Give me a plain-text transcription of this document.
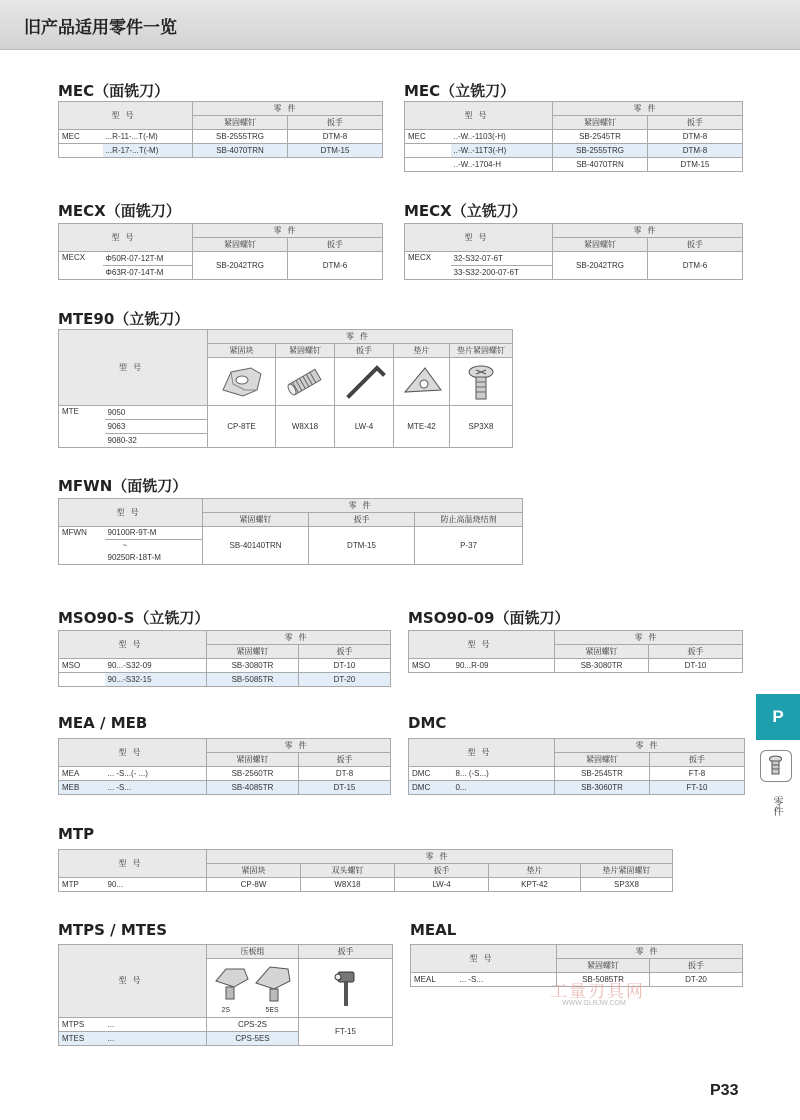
旧产品适用零件一览
MEC（面铣刀）
型号		零件	
		紧固螺钉	扳手
MEC	...R-11-...T(-M)	SB-2555TRG	DTM-8
	...R-17-...T(-M)	SB-4070TRN	DTM-15
MEC（立铣刀）
型号		零件	
		紧固螺钉	扳手
MEC	..-W..-1103(-H)	SB-2545TR	DTM-8
	..-W..-11T3(-H)	SB-2555TRG	DTM-8
	..-W..-1704-H	SB-4070TRN	DTM-15
MECX（面铣刀）
型号		零件	
		紧固螺钉	扳手
MECX	Φ50R-07-12T-M	SB-2042TRG	DTM-6
	Φ63R-07-14T-M		
MECX（立铣刀）
型号		零件	
		紧固螺钉	扳手
MECX	32-S32-07-6T	SB-2042TRG	DTM-6
	33-S32-200-07-6T		
MTE90（立铣刀）
型号		零件				
		紧固块	紧固螺钉	扳手	垫片	垫片紧固螺钉

MTE	9050	CP-8TE	W8X18	LW-4	MTE-42	SP3X8
	9063					
	9080-32					
MFWN（面铣刀）
型号		零件		
		紧固螺钉	扳手	防止高温烧结剂
MFWN	90100R-9T-M	SB-40140TRN	DTM-15	P-37
	~			
	90250R-18T-M			
MSO90-S（立铣刀）
型号		零件	
		紧固螺钉	扳手
MSO	90...-S32-09	SB-3080TR	DT-10
	90...-S32-15	SB-5085TR	DT-20
MSO90-09（面铣刀）
型号		零件	
		紧固螺钉	扳手
MSO	90...R-09	SB-3080TR	DT-10
MEA / MEB
型号		零件	
		紧固螺钉	扳手
MEA	... -S...(- ...)	SB-2560TR	DT-8
MEB	... -S...	SB-4085TR	DT-15
DMC
型号		零件	
		紧固螺钉	扳手
DMC	8... (-S...)	SB-2545TR	FT-8
DMC	0...	SB-3060TR	FT-10
MTP
型号		零件				
		紧固块	双头螺钉	扳手	垫片	垫片紧固螺钉
MTP	90...	CP-8W	W8X18	LW-4	KPT-42	SP3X8
MTPS / MTES
型号		压板组	扳手

		2S 5ES

MTPS	...	CPS-2S	FT-15
MTES	...	CPS-5ES	
MEAL
型号		零件	
		紧固螺钉	扳手
MEAL	... -S...	SB-5085TR	DT-20
工量刃具网
WWW.GLRJW.COM
P
零件
P33
